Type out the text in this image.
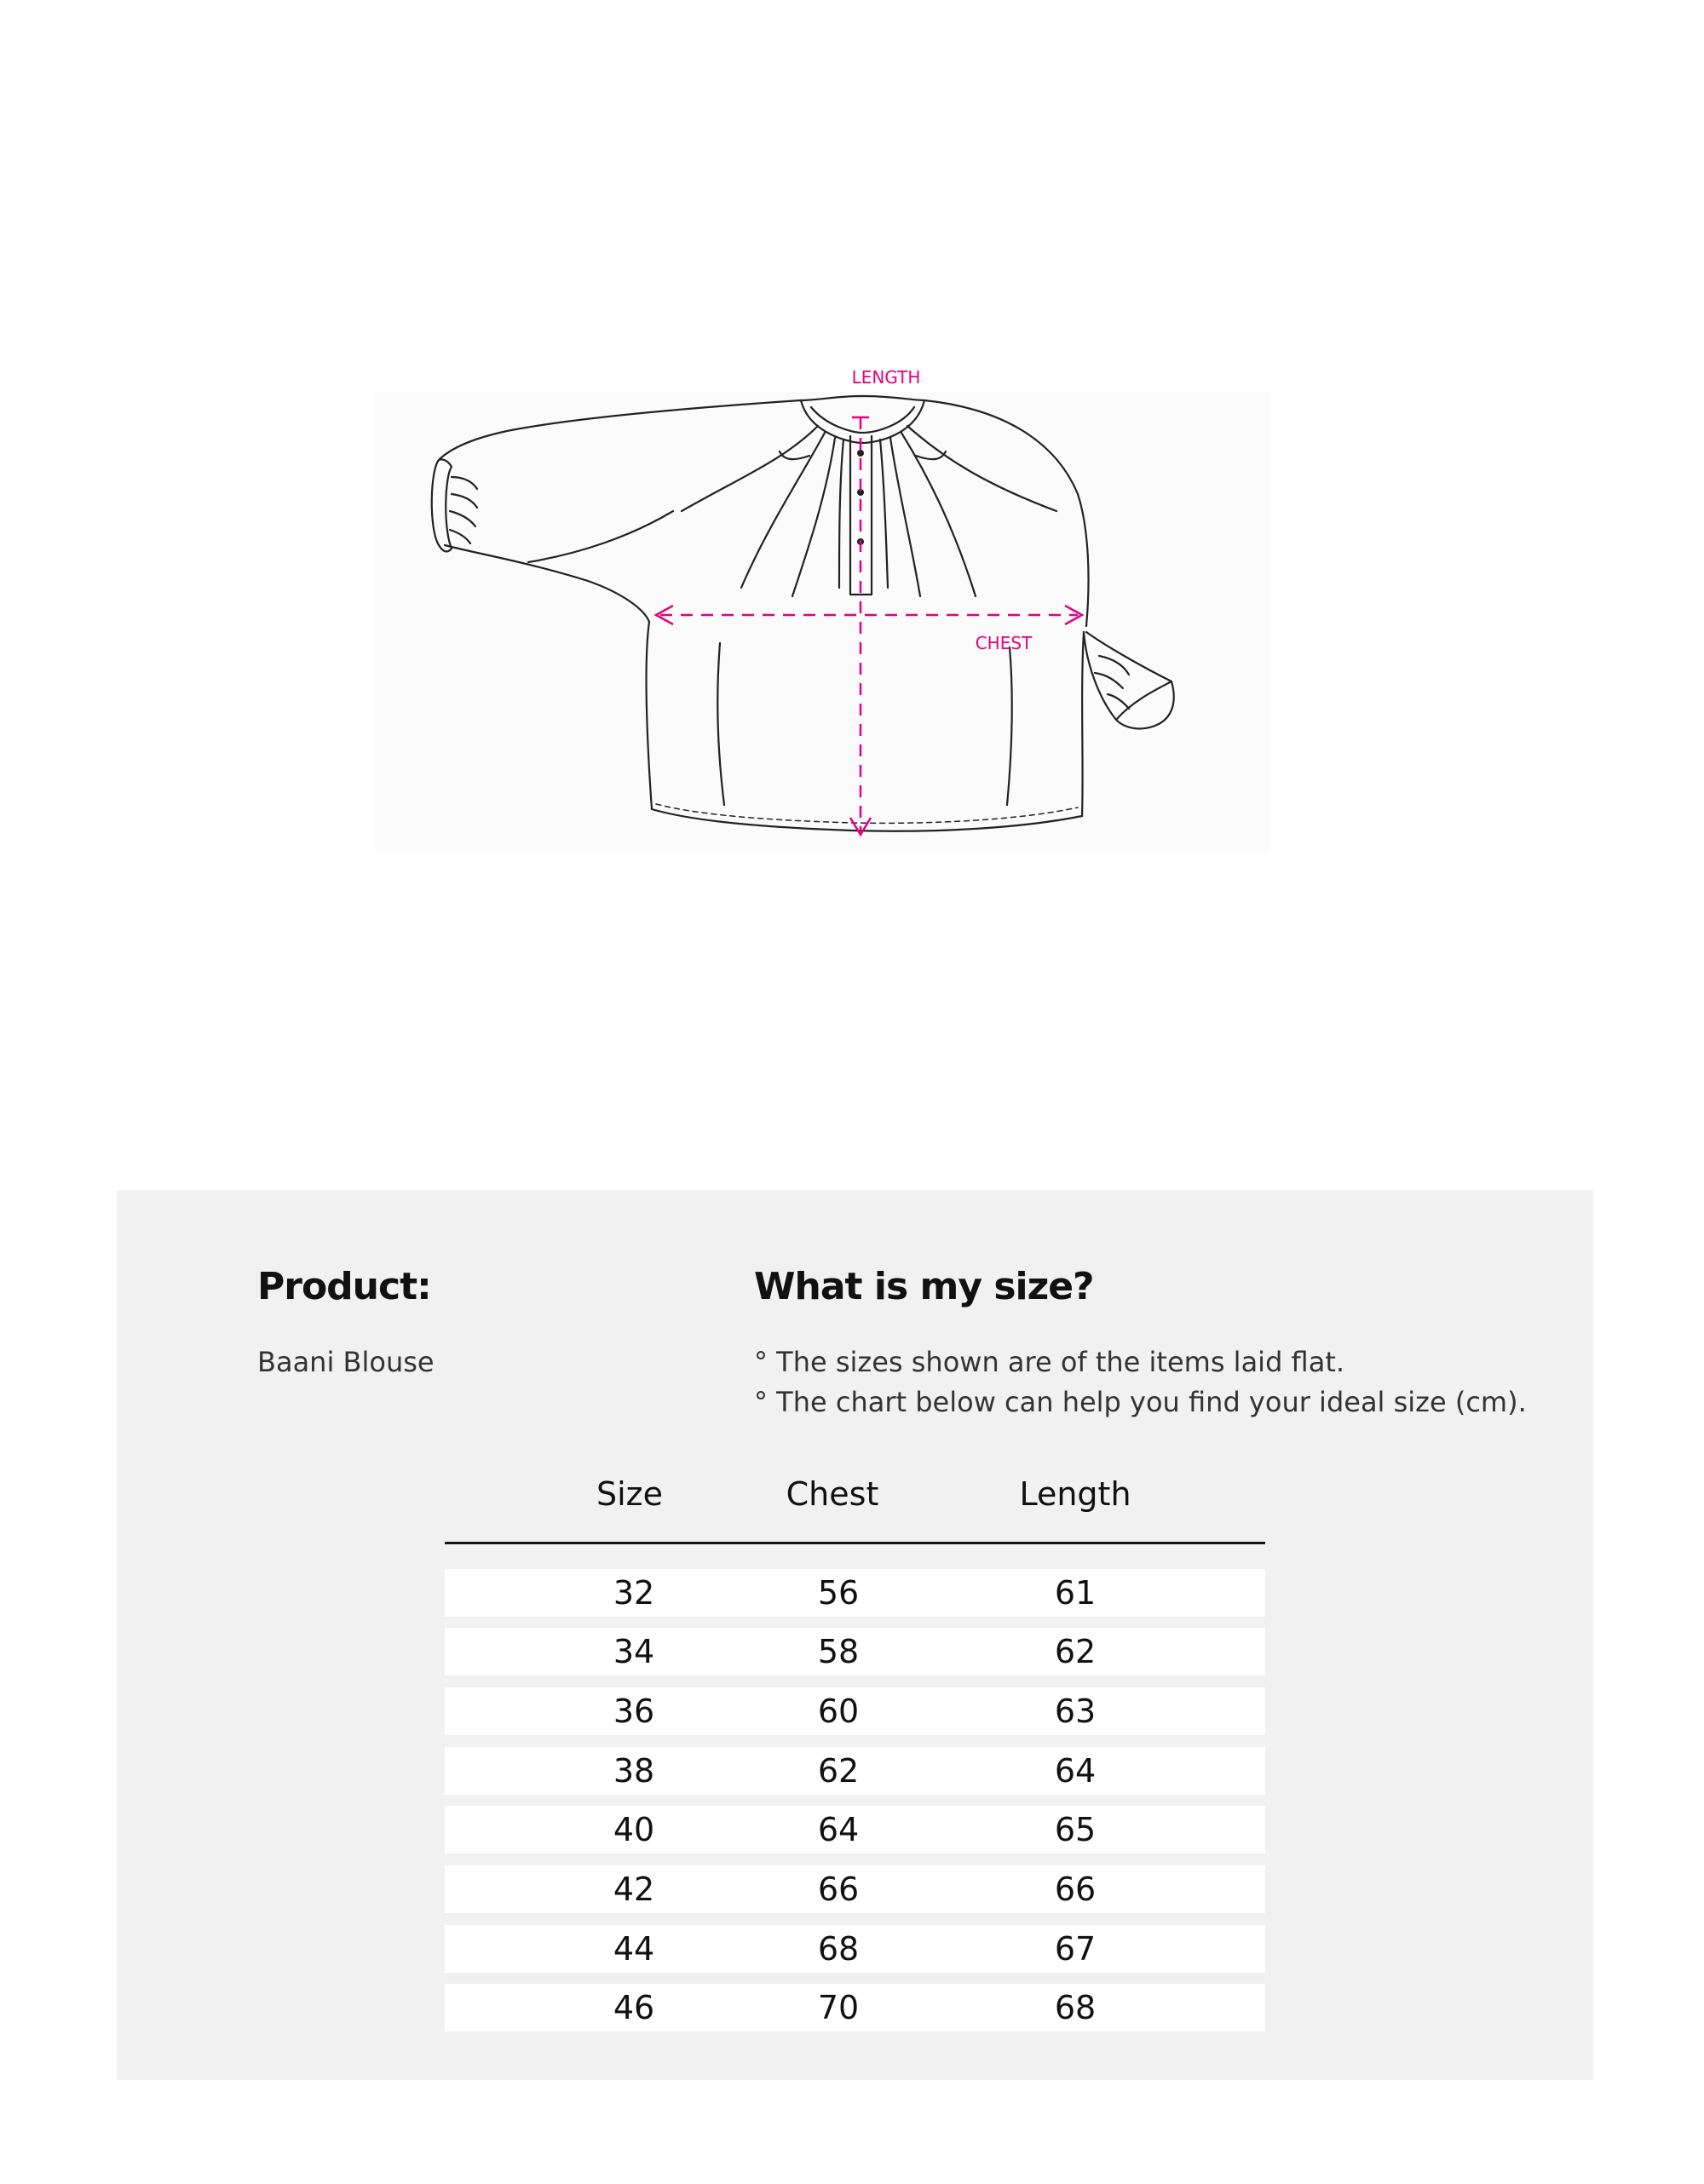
LENGTH
CHEST
Product:
Baani Blouse
What is my size?
° The sizes shown are of the items laid flat.
° The chart below can help you find your ideal size (cm).
Size	Chest	Length
32	56	61
34	58	62
36	60	63
38	62	64
40	64	65
42	66	66
44	68	67
46	70	68
